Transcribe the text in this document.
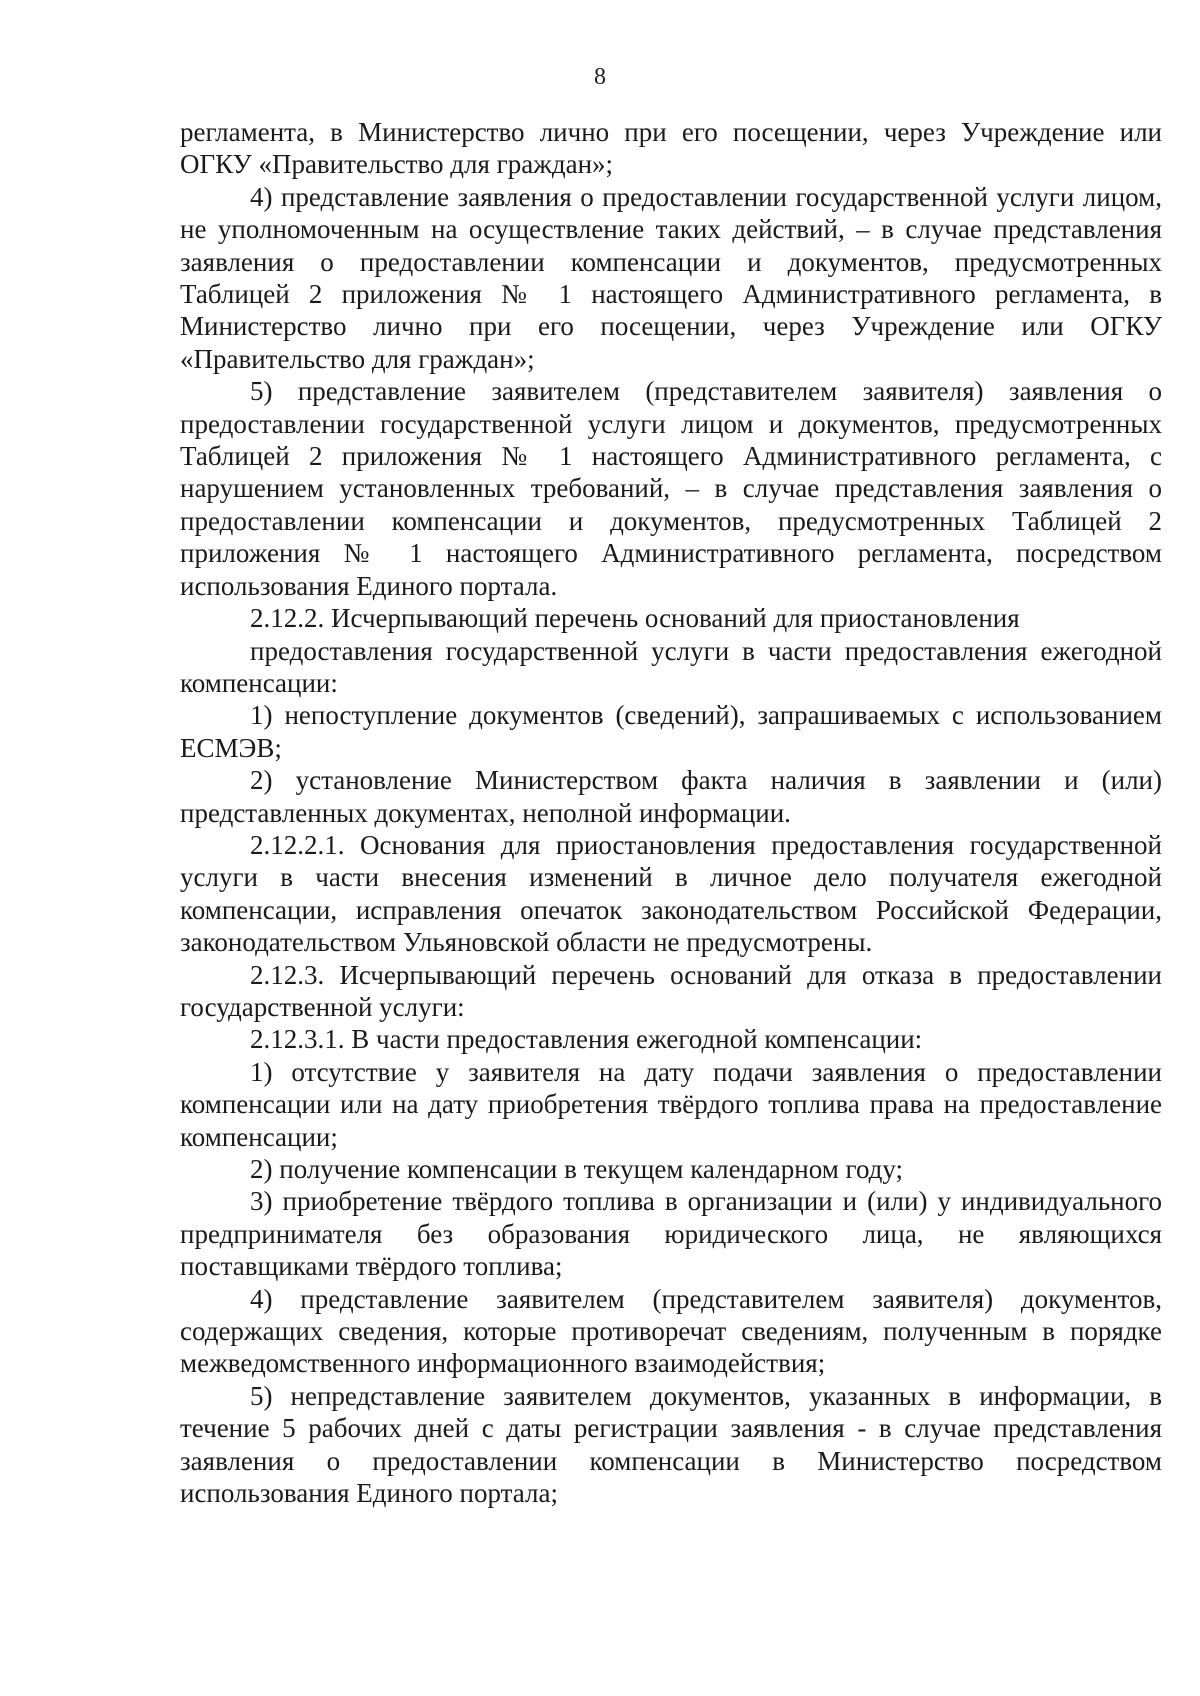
8

регламента, в Министерство лично при его посещении, через Учреждение или ОГКУ «Правительство для граждан»;

4) представление заявления о предоставлении государственной услуги лицом, не уполномоченным на осуществление таких действий, – в случае представления заявления о предоставлении компенсации и документов, предусмотренных Таблицей 2 приложения № 1 настоящего Административного регламента, в Министерство лично при его посещении, через Учреждение или ОГКУ «Правительство для граждан»;

5) представление заявителем (представителем заявителя) заявления о предоставлении государственной услуги лицом и документов, предусмотренных Таблицей 2 приложения № 1 настоящего Административного регламента, с нарушением установленных требований, – в случае представления заявления о предоставлении компенсации и документов, предусмотренных Таблицей 2 приложения № 1 настоящего Административного регламента, посредством использования Единого портала.

2.12.2. Исчерпывающий перечень оснований для приостановления

предоставления государственной услуги в части предоставления ежегодной компенсации:

1) непоступление документов (сведений), запрашиваемых с использованием ЕСМЭВ;

2) установление Министерством факта наличия в заявлении и (или) представленных документах, неполной информации.

2.12.2.1. Основания для приостановления предоставления государственной услуги в части внесения изменений в личное дело получателя ежегодной компенсации, исправления опечаток законодательством Российской Федерации, законодательством Ульяновской области не предусмотрены.

2.12.3. Исчерпывающий перечень оснований для отказа в предоставлении государственной услуги:

2.12.3.1. В части предоставления ежегодной компенсации:

1) отсутствие у заявителя на дату подачи заявления о предоставлении компенсации или на дату приобретения твёрдого топлива права на предоставление компенсации;

2) получение компенсации в текущем календарном году;

3) приобретение твёрдого топлива в организации и (или) у индивидуального предпринимателя без образования юридического лица, не являющихся поставщиками твёрдого топлива;

4) представление заявителем (представителем заявителя) документов, содержащих сведения, которые противоречат сведениям, полученным в порядке межведомственного информационного взаимодействия;

5) непредставление заявителем документов, указанных в информации, в течение 5 рабочих дней с даты регистрации заявления - в случае представления заявления о предоставлении компенсации в Министерство посредством использования Единого портала;
